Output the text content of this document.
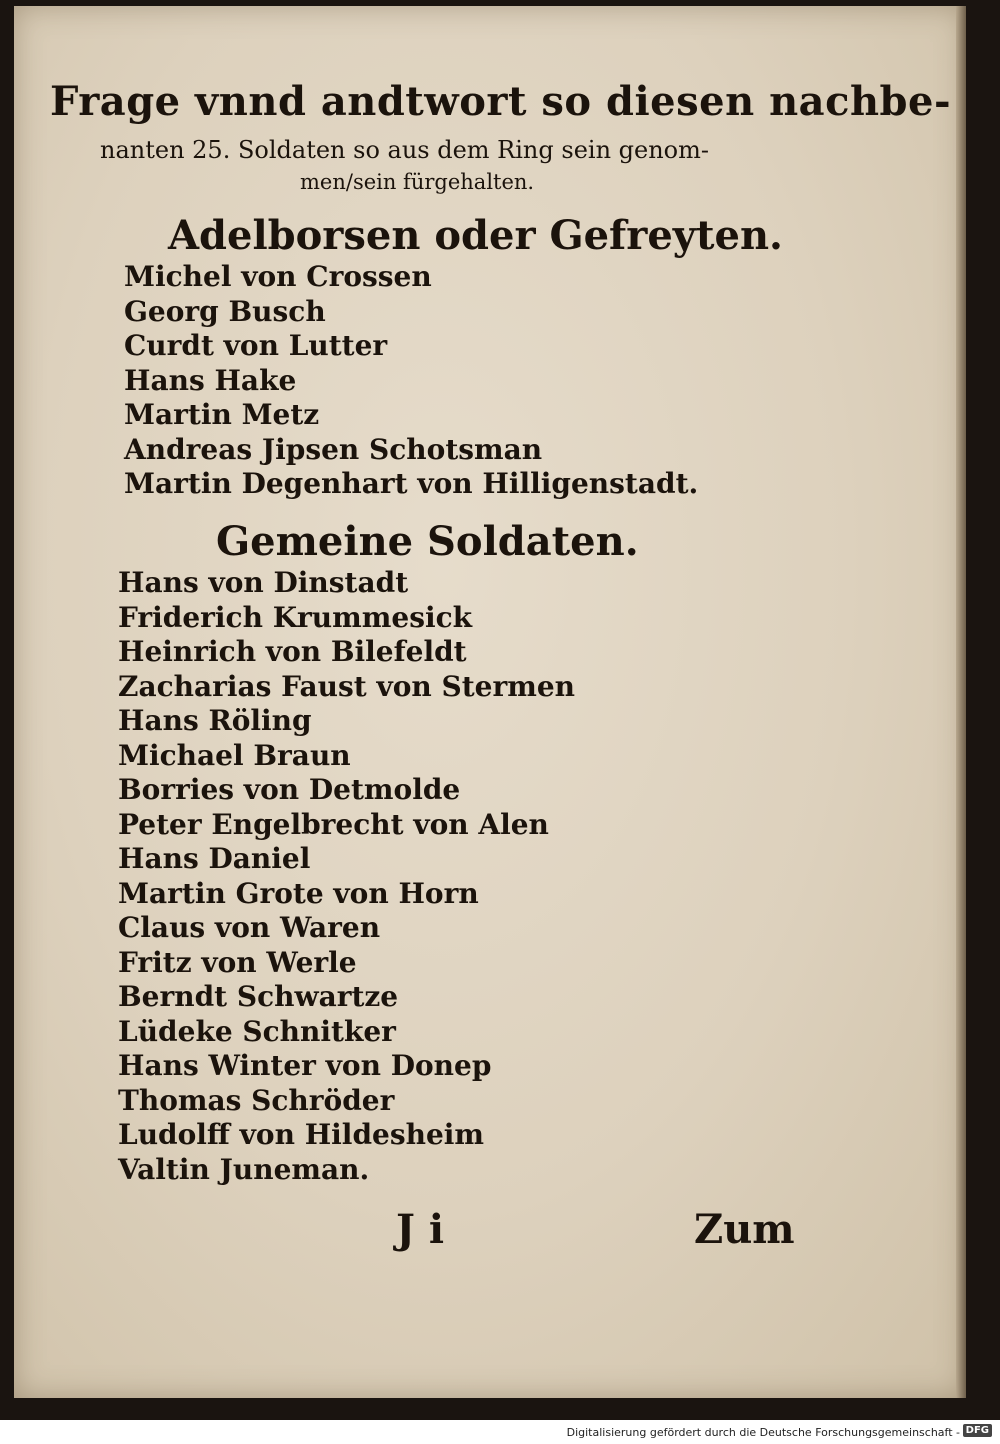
Frage vnnd andtwort so diesen nachbe-
nanten 25. Soldaten so aus dem Ring sein genom-
men/sein fürgehalten.
Adelborsen oder Gefreyten.
Michel von Crossen
Georg Busch
Curdt von Lutter
Hans Hake
Martin Metz
Andreas Jipsen Schotsman
Martin Degenhart von Hilligenstadt.
Gemeine Soldaten.
Hans von Dinstadt
Friderich Krummesick
Heinrich von Bilefeldt
Zacharias Faust von Stermen
Hans Röling
Michael Braun
Borries von Detmolde
Peter Engelbrecht von Alen
Hans Daniel
Martin Grote von Horn
Claus von Waren
Fritz von Werle
Berndt Schwartze
Lüdeke Schnitker
Hans Winter von Donep
Thomas Schröder
Ludolff von Hildesheim
Valtin Juneman.
J i	Zum
Digitalisierung gefördert durch die Deutsche Forschungsgemeinschaft - DFG
